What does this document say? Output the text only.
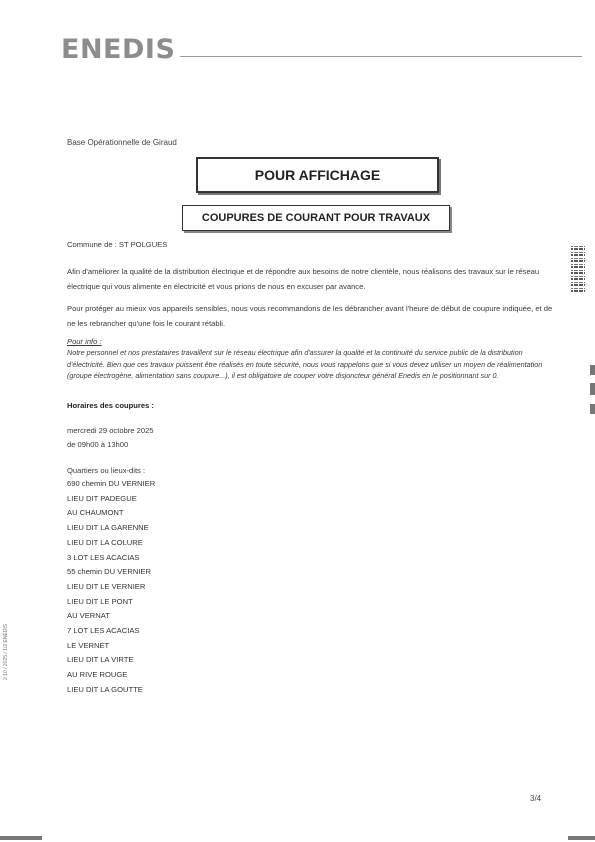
ENEDIS
Base Opérationnelle de Giraud
POUR AFFICHAGE
COUPURES DE COURANT POUR TRAVAUX
Commune de : ST POLGUES
Afin d'améliorer la qualité de la distribution électrique et de répondre aux besoins de notre clientèle, nous réalisons des travaux sur le réseau électrique qui vous alimente en électricité et vous prions de nous en excuser par avance.
Pour protéger au mieux vos appareils sensibles, nous vous recommandons de les débrancher avant l'heure de début de coupure indiquée, et de ne les rebrancher qu'une fois le courant rétabli.
Pour info :
Notre personnel et nos prestataires travaillent sur le réseau électrique afin d'assurer la qualité et la continuité du service public de la distribution d'électricité. Bien que ces travaux puissent être réalisés en toute sécurité, nous vous rappelons que si vous devez utiliser un moyen de réalimentation (groupe électrogène, alimentation sans coupure...), il est obligatoire de couper votre disjoncteur général Enedis en le positionnant sur 0.
Horaires des coupures :
mercredi 29 octobre 2025
de 09h00 à 13h00
Quartiers ou lieux-dits :
690 chemin DU VERNIER
LIEU DIT PADEGUE
AU CHAUMONT
LIEU DIT LA GARENNE
LIEU DIT LA COLURE
3 LOT LES ACACIAS
55 chemin DU VERNIER
LIEU DIT LE VERNIER
LIEU DIT LE PONT
AU VERNAT
7 LOT LES ACACIAS
LE VERNET
LIEU DIT LA VIRTE
AU RIVE ROUGE
LIEU DIT LA GOUTTE
2 10 / 2025 / 1/2 ENEDIS
3/4
